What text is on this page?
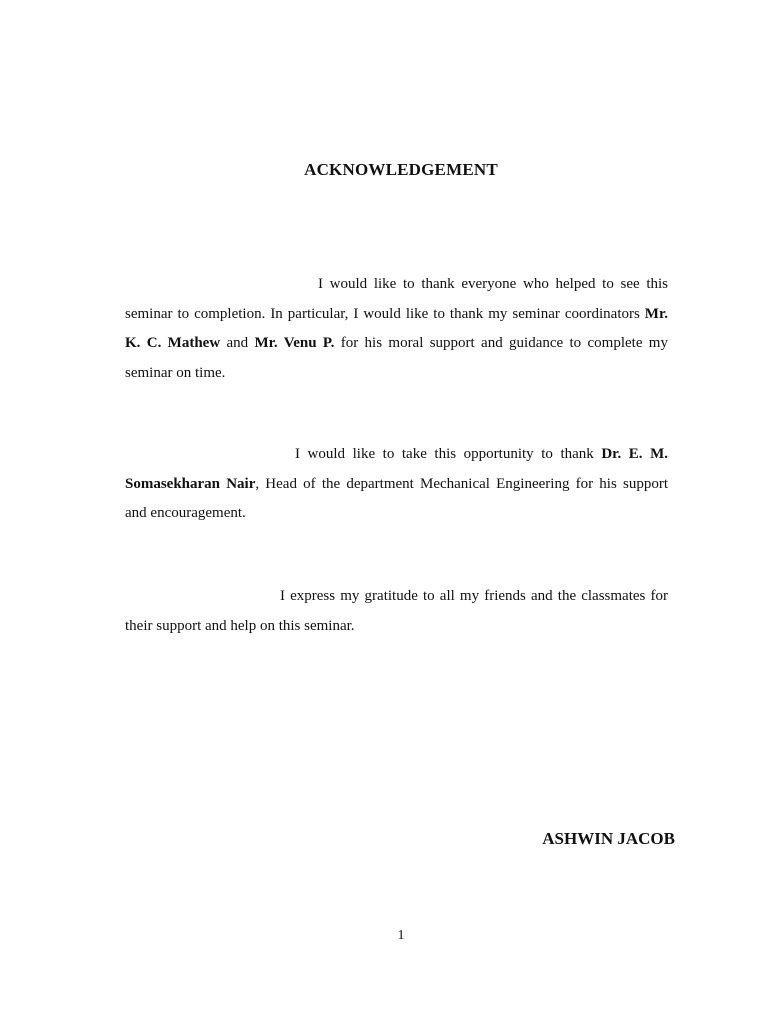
ACKNOWLEDGEMENT

I would like to thank everyone who helped to see this seminar to completion. In particular, I would like to thank my seminar coordinators Mr. K. C. Mathew and Mr. Venu P. for his moral support and guidance to complete my seminar on time.

I would like to take this opportunity to thank Dr. E. M. Somasekharan Nair, Head of the department Mechanical Engineering for his support and encouragement.

I express my gratitude to all my friends and the classmates for their support and help on this seminar.

ASHWIN JACOB
1
